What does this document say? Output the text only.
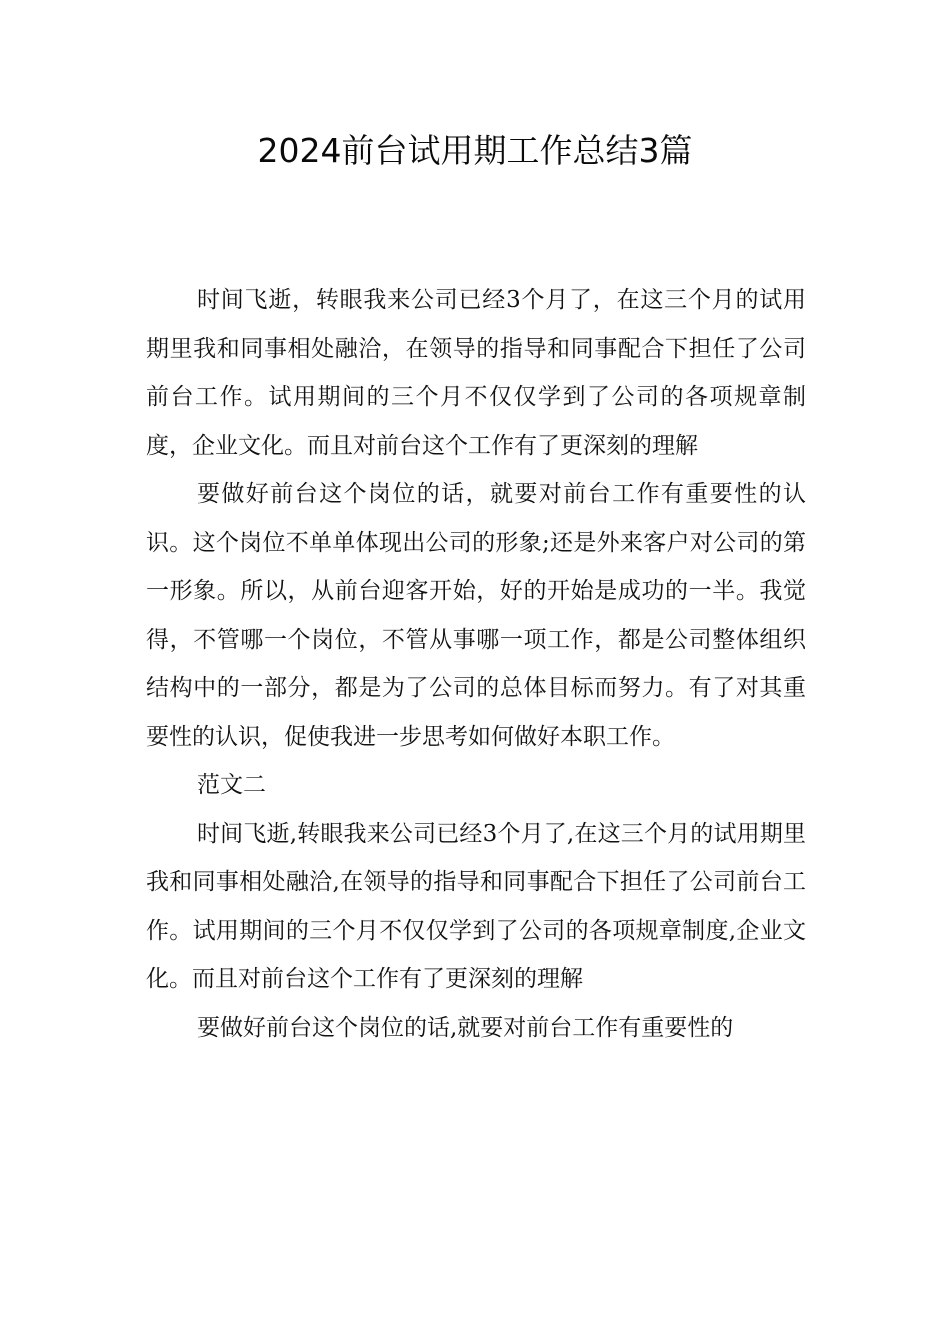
2024前台试用期工作总结3篇

时间飞逝，转眼我来公司已经3个月了，在这三个月的试用期里我和同事相处融洽，在领导的指导和同事配合下担任了公司前台工作。试用期间的三个月不仅仅学到了公司的各项规章制度，企业文化。而且对前台这个工作有了更深刻的理解

要做好前台这个岗位的话，就要对前台工作有重要性的认识。这个岗位不单单体现出公司的形象;还是外来客户对公司的第一形象。所以，从前台迎客开始，好的开始是成功的一半。我觉得，不管哪一个岗位，不管从事哪一项工作，都是公司整体组织结构中的一部分，都是为了公司的总体目标而努力。有了对其重要性的认识，促使我进一步思考如何做好本职工作。

范文二

时间飞逝,转眼我来公司已经3个月了,在这三个月的试用期里我和同事相处融洽,在领导的指导和同事配合下担任了公司前台工作。试用期间的三个月不仅仅学到了公司的各项规章制度,企业文化。而且对前台这个工作有了更深刻的理解

要做好前台这个岗位的话,就要对前台工作有重要性的
